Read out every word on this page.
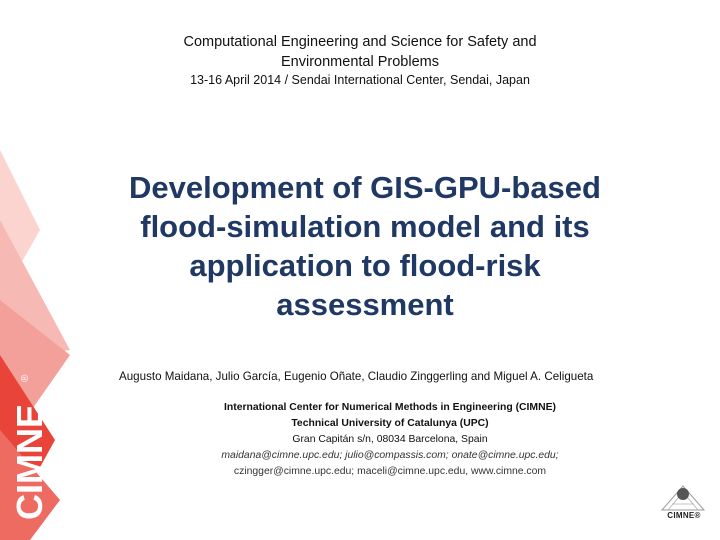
CIMNE
®
Computational Engineering and Science for Safety and
Environmental Problems
13-16 April 2014 / Sendai International Center, Sendai, Japan
Development of GIS-GPU-based
flood-simulation model and its
application to flood-risk
assessment
Augusto Maidana, Julio García, Eugenio Oñate, Claudio Zinggerling and Miguel A. Celigueta
International Center for Numerical Methods in Engineering (CIMNE)
Technical University of Catalunya (UPC)
Gran Capitán s/n, 08034 Barcelona, Spain
maidana@cimne.upc.edu; julio@compassis.com; onate@cimne.upc.edu;
czingger@cimne.upc.edu; maceli@cimne.upc.edu, www.cimne.com
CIMNE®
